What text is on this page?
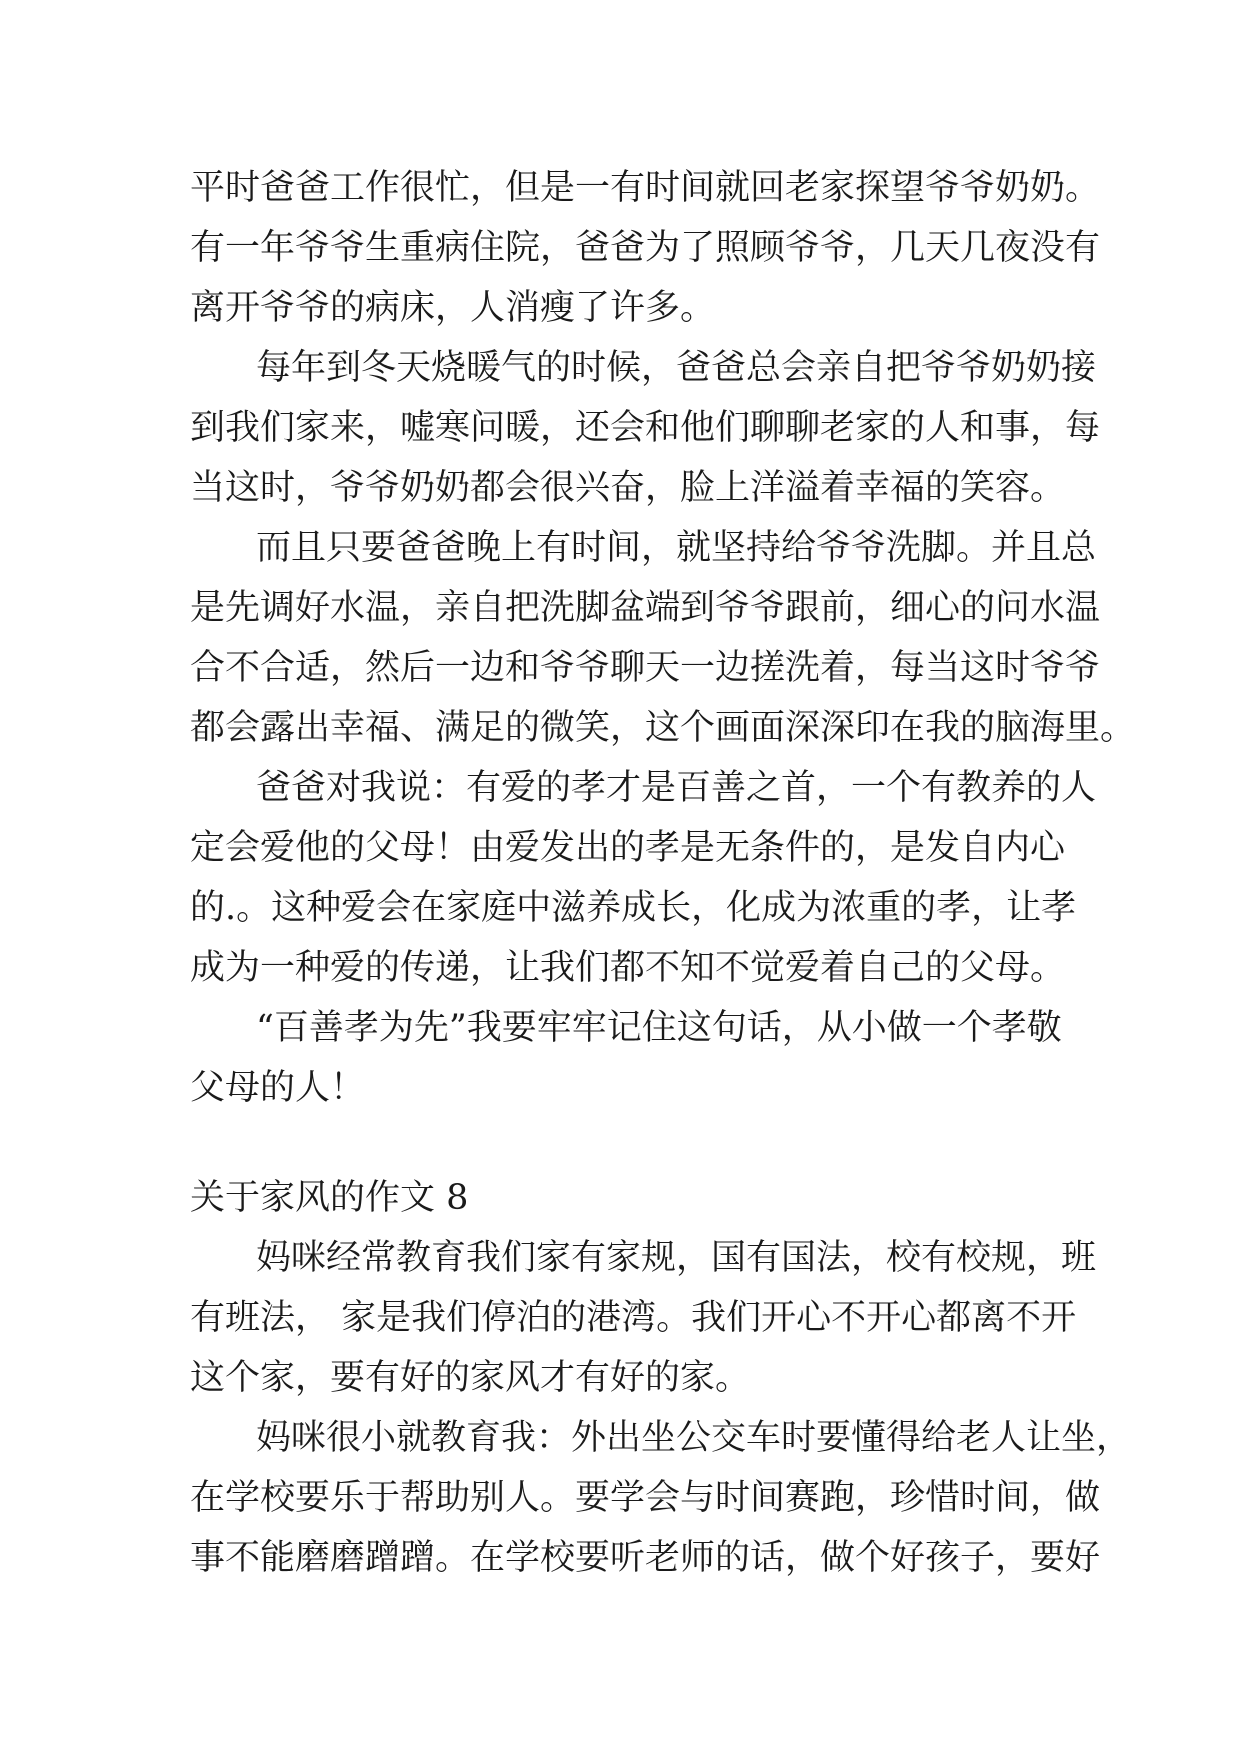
平时爸爸工作很忙，但是一有时间就回老家探望爷爷奶奶。
有一年爷爷生重病住院，爸爸为了照顾爷爷，几天几夜没有
离开爷爷的病床，人消瘦了许多。
每年到冬天烧暖气的时候，爸爸总会亲自把爷爷奶奶接
到我们家来，嘘寒问暖，还会和他们聊聊老家的人和事，每
当这时，爷爷奶奶都会很兴奋，脸上洋溢着幸福的笑容。
而且只要爸爸晚上有时间，就坚持给爷爷洗脚。并且总
是先调好水温，亲自把洗脚盆端到爷爷跟前，细心的问水温
合不合适，然后一边和爷爷聊天一边搓洗着，每当这时爷爷
都会露出幸福、满足的微笑，这个画面深深印在我的脑海里。
爸爸对我说：有爱的孝才是百善之首，一个有教养的人
定会爱他的父母！由爱发出的孝是无条件的，是发自内心
的.。这种爱会在家庭中滋养成长，化成为浓重的孝，让孝
成为一种爱的传递，让我们都不知不觉爱着自己的父母。
“百善孝为先”我要牢牢记住这句话，从小做一个孝敬
父母的人！
关于家风的作文 8
妈咪经常教育我们家有家规，国有国法，校有校规，班
有班法， 家是我们停泊的港湾。我们开心不开心都离不开
这个家，要有好的家风才有好的家。
妈咪很小就教育我：外出坐公交车时要懂得给老人让坐，
在学校要乐于帮助别人。要学会与时间赛跑，珍惜时间，做
事不能磨磨蹭蹭。在学校要听老师的话，做个好孩子，要好
